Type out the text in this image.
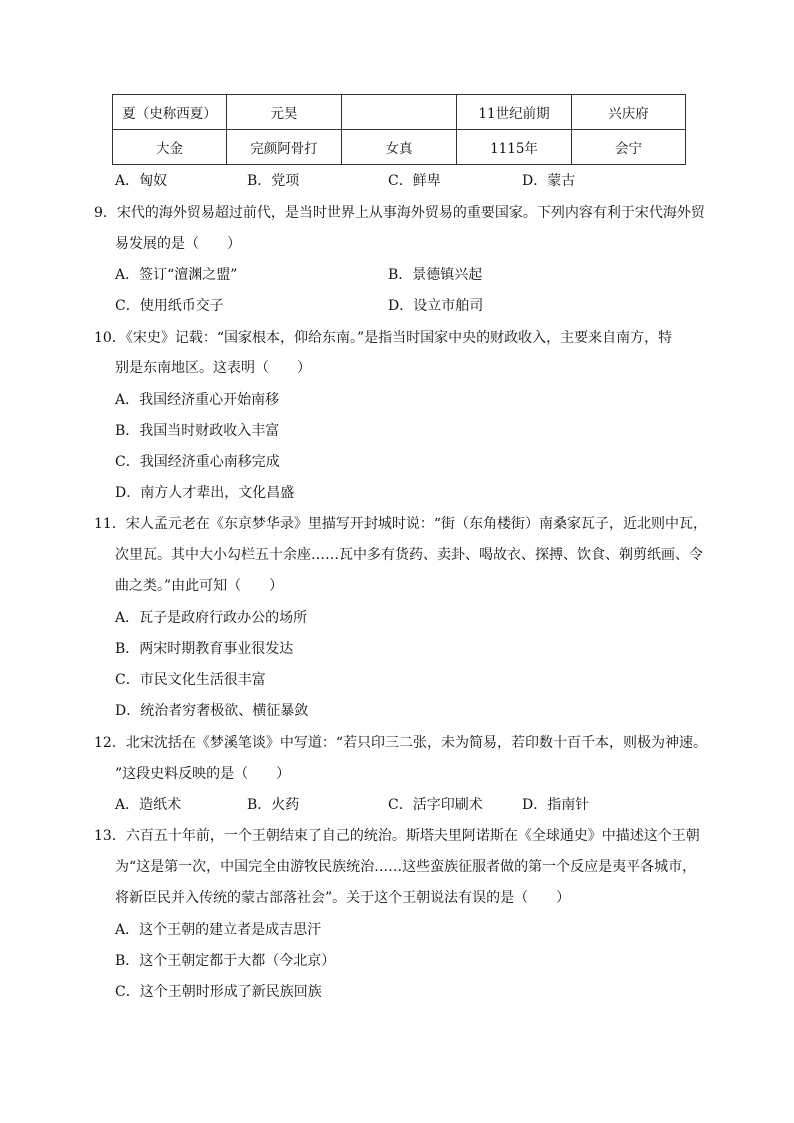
夏（史称西夏）	元昊		11世纪前期	兴庆府
大金	完颜阿骨打	女真	1115年	会宁
A．匈奴	B．党项	C．鲜卑	D．蒙古
9．宋代的海外贸易超过前代，是当时世界上从事海外贸易的重要国家。下列内容有利于宋代海外贸
易发展的是（　　）
A．签订“澶渊之盟”	B．景德镇兴起
C．使用纸币交子	D．设立市舶司
10．《宋史》记载：“国家根本，仰给东南。”是指当时国家中央的财政收入，主要来自南方，特
别是东南地区。这表明（　　）
A．我国经济重心开始南移
B．我国当时财政收入丰富
C．我国经济重心南移完成
D．南方人才辈出，文化昌盛
11．宋人孟元老在《东京梦华录》里描写开封城时说：“街（东角楼街）南桑家瓦子，近北则中瓦，
次里瓦。其中大小勾栏五十余座……瓦中多有货药、卖卦、喝故衣、探搏、饮食、剃剪纸画、令
曲之类。”由此可知（　　）
A．瓦子是政府行政办公的场所
B．两宋时期教育事业很发达
C．市民文化生活很丰富
D．统治者穷奢极欲、横征暴敛
12．北宋沈括在《梦溪笔谈》中写道：“若只印三二张，未为简易，若印数十百千本，则极为神速。
”这段史料反映的是（　　）
A．造纸术	B．火药	C．活字印刷术	D．指南针
13．六百五十年前，一个王朝结束了自己的统治。斯塔夫里阿诺斯在《全球通史》中描述这个王朝
为“这是第一次，中国完全由游牧民族统治……这些蛮族征服者做的第一个反应是夷平各城市，
将新臣民并入传统的蒙古部落社会”。关于这个王朝说法有误的是（　　）
A．这个王朝的建立者是成吉思汗
B．这个王朝定都于大都（今北京）
C．这个王朝时形成了新民族回族
